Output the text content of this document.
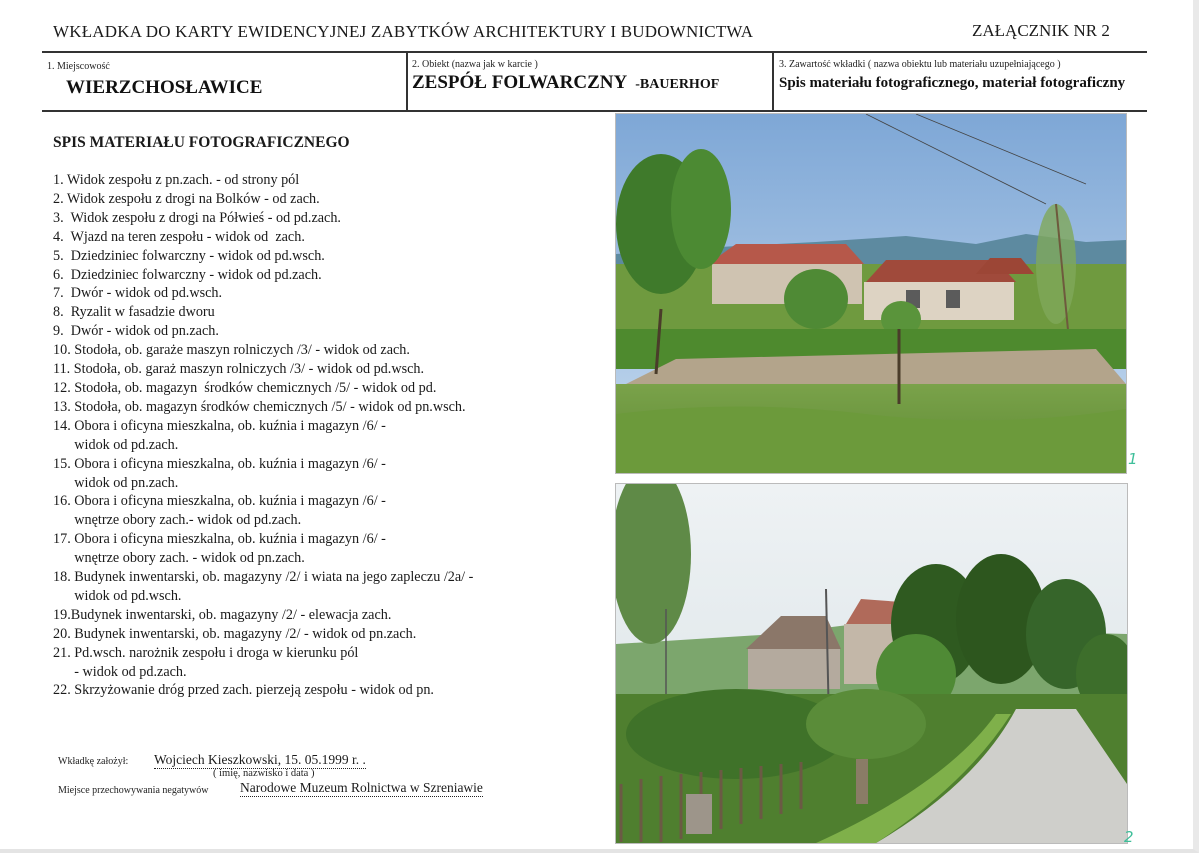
WKŁADKA DO KARTY EWIDENCYJNEJ ZABYTKÓW ARCHITEKTURY I BUDOWNICTWA	ZAŁĄCZNIK NR 2
1. Miejscowość
WIERZCHOSŁAWICE
2. Obiekt (nazwa jak w karcie )
ZESPÓŁ FOLWARCZNY -BAUERHOF
3. Zawartość wkładki ( nazwa obiektu lub materiału uzupełniającego )
Spis materiału fotograficznego, materiał fotograficzny
SPIS MATERIAŁU FOTOGRAFICZNEGO
1. Widok zespołu z pn.zach. - od strony pól
2. Widok zespołu z drogi na Bolków - od zach.
3.  Widok zespołu z drogi na Półwieś - od pd.zach.
4.  Wjazd na teren zespołu - widok od  zach.
5.  Dziedziniec folwarczny - widok od pd.wsch.
6.  Dziedziniec folwarczny - widok od pd.zach.
7.  Dwór - widok od pd.wsch.
8.  Ryzalit w fasadzie dworu
9.  Dwór - widok od pn.zach.
10. Stodoła, ob. garaże maszyn rolniczych /3/ - widok od zach.
11. Stodoła, ob. garaż maszyn rolniczych /3/ - widok od pd.wsch.
12. Stodoła, ob. magazyn  środków chemicznych /5/ - widok od pd.
13. Stodoła, ob. magazyn środków chemicznych /5/ - widok od pn.wsch.
14. Obora i oficyna mieszkalna, ob. kuźnia i magazyn /6/ -
widok od pd.zach.
15. Obora i oficyna mieszkalna, ob. kuźnia i magazyn /6/ -
widok od pn.zach.
16. Obora i oficyna mieszkalna, ob. kuźnia i magazyn /6/ -
wnętrze obory zach.- widok od pd.zach.
17. Obora i oficyna mieszkalna, ob. kuźnia i magazyn /6/ -
wnętrze obory zach. - widok od pn.zach.
18. Budynek inwentarski, ob. magazyny /2/ i wiata na jego zapleczu /2a/ -
widok od pd.wsch.
19.Budynek inwentarski, ob. magazyny /2/ - elewacja zach.
20. Budynek inwentarski, ob. magazyny /2/ - widok od pn.zach.
21. Pd.wsch. narożnik zespołu i droga w kierunku pól
- widok od pd.zach.
22. Skrzyżowanie dróg przed zach. pierzeją zespołu - widok od pn.
Wkładkę założył: Wojciech Kieszkowski, 15. 05.1999 r. .
( imię, nazwisko i data )
Miejsce przechowywania negatywów Narodowe Muzeum Rolnictwa w Szreniawie
1
2
